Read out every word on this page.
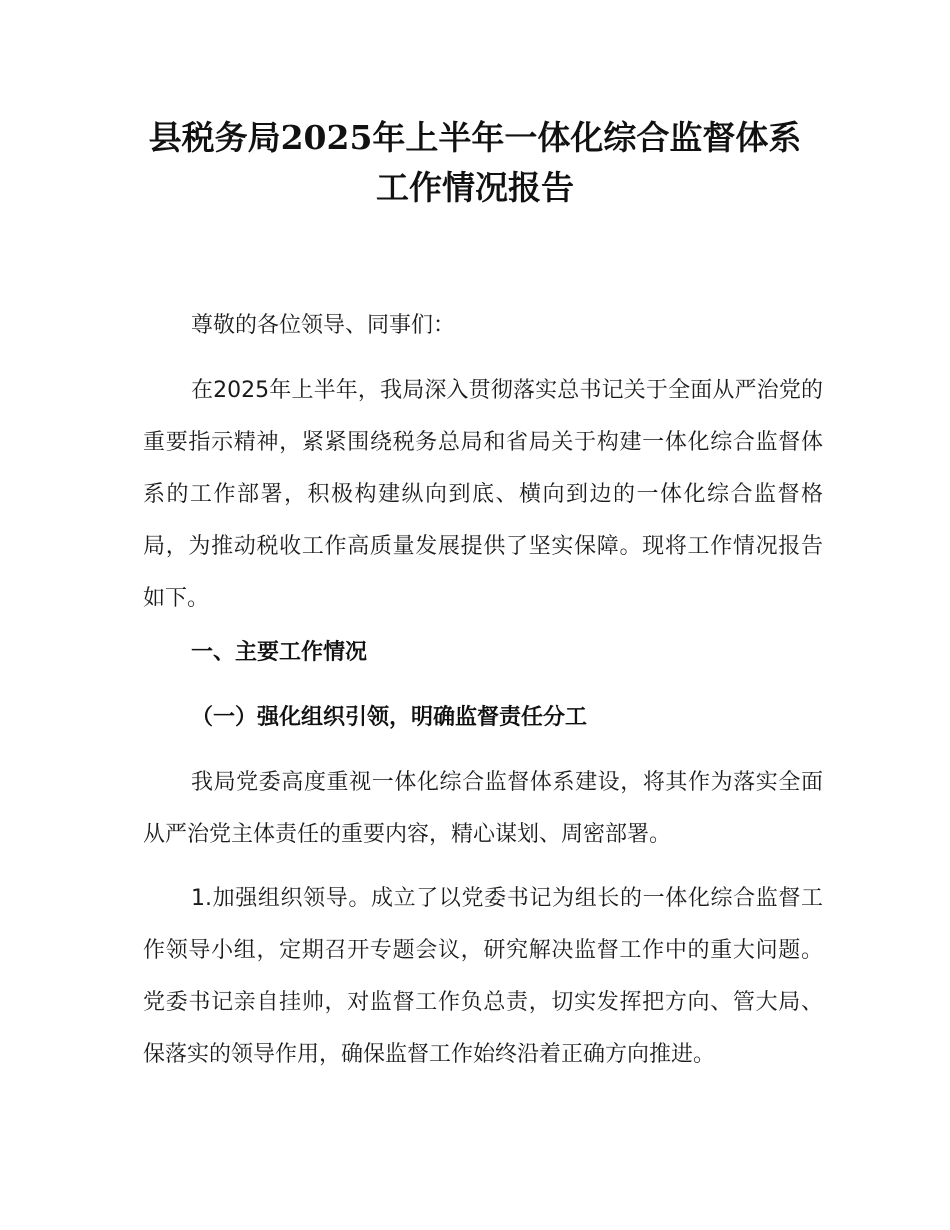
县税务局2025年上半年一体化综合监督体系
工作情况报告
尊敬的各位领导、同事们：
在2025年上半年，我局深入贯彻落实总书记关于全面从严治党的重要指示精神，紧紧围绕税务总局和省局关于构建一体化综合监督体系的工作部署，积极构建纵向到底、横向到边的一体化综合监督格局，为推动税收工作高质量发展提供了坚实保障。现将工作情况报告如下。
一、主要工作情况
（一）强化组织引领，明确监督责任分工
我局党委高度重视一体化综合监督体系建设，将其作为落实全面从严治党主体责任的重要内容，精心谋划、周密部署。
1.加强组织领导。成立了以党委书记为组长的一体化综合监督工作领导小组，定期召开专题会议，研究解决监督工作中的重大问题。党委书记亲自挂帅，对监督工作负总责，切实发挥把方向、管大局、保落实的领导作用，确保监督工作始终沿着正确方向推进。
